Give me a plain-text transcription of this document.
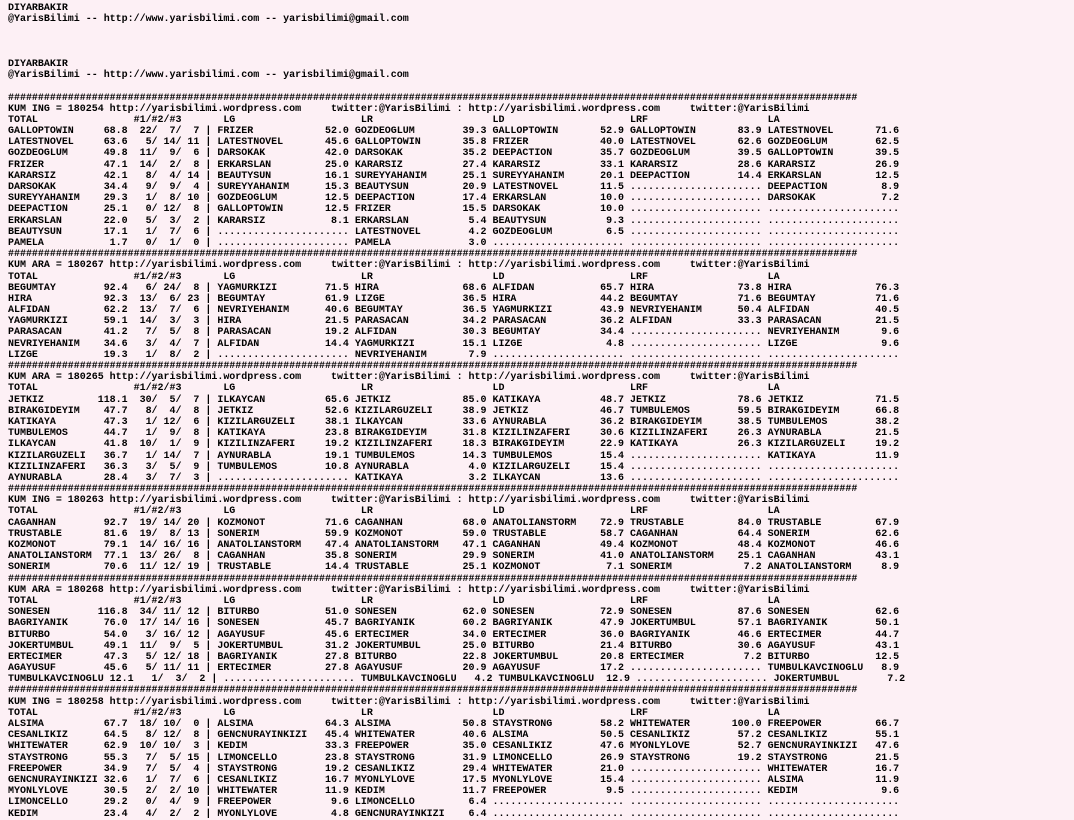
DIYARBAKIR
@YarisBilimi -- http://www.yarisbilimi.com -- yarisbilimi@gmail.com

DIYARBAKIR
@YarisBilimi -- http://www.yarisbilimi.com -- yarisbilimi@gmail.com

##############################################################################################################################################
KUM ING = 180254 http://yarisbilimi.wordpress.com     twitter:@YarisBilimi : http://yarisbilimi.wordpress.com     twitter:@YarisBilimi
TOTAL                #1/#2/#3       LG                     LR                    LD                     LRF                    LA
GALLOPTOWIN     68.8  22/  7/  7 | FRIZER            52.0 GOZDEOGLUM        39.3 GALLOPTOWIN       52.9 GALLOPTOWIN       83.9 LATESTNOVEL       71.6
LATESTNOVEL     63.6   5/ 14/ 11 | LATESTNOVEL       45.6 GALLOPTOWIN       35.8 FRIZER            40.0 LATESTNOVEL       62.6 GOZDEOGLUM        62.5
GOZDEOGLUM      49.8  11/  9/  6 | DARSOKAK          42.0 DARSOKAK          35.2 DEEPACTION        35.7 GOZDEOGLUM        39.5 GALLOPTOWIN       39.5
FRIZER          47.1  14/  2/  8 | ERKARSLAN         25.0 KARARSIZ          27.4 KARARSIZ          33.1 KARARSIZ          28.6 KARARSIZ          26.9
KARARSIZ        42.1   8/  4/ 14 | BEAUTYSUN         16.1 SUREYYAHANIM      25.1 SUREYYAHANIM      20.1 DEEPACTION        14.4 ERKARSLAN         12.5
DARSOKAK        34.4   9/  9/  4 | SUREYYAHANIM      15.3 BEAUTYSUN         20.9 LATESTNOVEL       11.5 ...................... DEEPACTION         8.9
SUREYYAHANIM    29.3   1/  8/ 10 | GOZDEOGLUM        12.5 DEEPACTION        17.4 ERKARSLAN         10.0 ...................... DARSOKAK           7.2
DEEPACTION      25.1   0/ 12/  8 | GALLOPTOWIN       12.5 FRIZER            15.5 DARSOKAK          10.0 ...................... ......................
ERKARSLAN       22.0   5/  3/  2 | KARARSIZ           8.1 ERKARSLAN          5.4 BEAUTYSUN          9.3 ...................... ......................
BEAUTYSUN       17.1   1/  7/  6 | ...................... LATESTNOVEL        4.2 GOZDEOGLUM         6.5 ...................... ......................
PAMELA           1.7   0/  1/  0 | ...................... PAMELA             3.0 ...................... ...................... ......................
##############################################################################################################################################
KUM ARA = 180267 http://yarisbilimi.wordpress.com     twitter:@YarisBilimi : http://yarisbilimi.wordpress.com     twitter:@YarisBilimi
TOTAL                #1/#2/#3       LG                     LR                    LD                     LRF                    LA
BEGUMTAY        92.4   6/ 24/  8 | YAGMURKIZI        71.5 HIRA              68.6 ALFIDAN           65.7 HIRA              73.8 HIRA              76.3
HIRA            92.3  13/  6/ 23 | BEGUMTAY          61.9 LIZGE             36.5 HIRA              44.2 BEGUMTAY          71.6 BEGUMTAY          71.6
ALFIDAN         62.2  13/  7/  6 | NEVRIYEHANIM      40.6 BEGUMTAY          36.5 YAGMURKIZI        43.9 NEVRIYEHANIM      50.4 ALFIDAN           40.5
YAGMURKIZI      59.1  14/  3/  3 | HIRA              21.5 PARASACAN         34.2 PARASACAN         36.2 ALFIDAN           33.3 PARASACAN         21.5
PARASACAN       41.2   7/  5/  8 | PARASACAN         19.2 ALFIDAN           30.3 BEGUMTAY          34.4 ...................... NEVRIYEHANIM       9.6
NEVRIYEHANIM    34.6   3/  4/  7 | ALFIDAN           14.4 YAGMURKIZI        15.1 LIZGE              4.8 ...................... LIZGE              9.6
LIZGE           19.3   1/  8/  2 | ...................... NEVRIYEHANIM       7.9 ...................... ...................... ......................
##############################################################################################################################################
KUM ARA = 180265 http://yarisbilimi.wordpress.com     twitter:@YarisBilimi : http://yarisbilimi.wordpress.com     twitter:@YarisBilimi
TOTAL                #1/#2/#3       LG                     LR                    LD                     LRF                    LA
JETKIZ         118.1  30/  5/  7 | ILKAYCAN          65.6 JETKIZ            85.0 KATIKAYA          48.7 JETKIZ            78.6 JETKIZ            71.5
BIRAKGIDEYIM    47.7   8/  4/  8 | JETKIZ            52.6 KIZILARGUZELI     38.9 JETKIZ            46.7 TUMBULEMOS        59.5 BIRAKGIDEYIM      66.8
KATIKAYA        47.3   1/ 12/  6 | KIZILARGUZELI     38.1 ILKAYCAN          33.6 AYNURABLA         36.2 BIRAKGIDEYIM      38.5 TUMBULEMOS        38.2
TUMBULEMOS      44.7   1/  9/  8 | KATIKAYA          23.8 BIRAKGIDEYIM      31.8 KIZILINZAFERI     30.6 KIZILINZAFERI     26.3 AYNURABLA         21.5
ILKAYCAN        41.8  10/  1/  9 | KIZILINZAFERI     19.2 KIZILINZAFERI     18.3 BIRAKGIDEYIM      22.9 KATIKAYA          26.3 KIZILARGUZELI     19.2
KIZILARGUZELI   36.7   1/ 14/  7 | AYNURABLA         19.1 TUMBULEMOS        14.3 TUMBULEMOS        15.4 ...................... KATIKAYA          11.9
KIZILINZAFERI   36.3   3/  5/  9 | TUMBULEMOS        10.8 AYNURABLA          4.0 KIZILARGUZELI     15.4 ...................... ......................
AYNURABLA       28.4   3/  7/  3 | ...................... KATIKAYA           3.2 ILKAYCAN          13.6 ...................... ......................
##############################################################################################################################################
KUM ING = 180263 http://yarisbilimi.wordpress.com     twitter:@YarisBilimi : http://yarisbilimi.wordpress.com     twitter:@YarisBilimi
TOTAL                #1/#2/#3       LG                     LR                    LD                     LRF                    LA
CAGANHAN        92.7  19/ 14/ 20 | KOZMONOT          71.6 CAGANHAN          68.0 ANATOLIANSTORM    72.9 TRUSTABLE         84.0 TRUSTABLE         67.9
TRUSTABLE       81.6  19/  8/ 13 | SONERIM           59.9 KOZMONOT          59.0 TRUSTABLE         58.7 CAGANHAN          64.4 SONERIM           62.6
KOZMONOT        79.1  14/ 16/ 16 | ANATOLIANSTORM    47.4 ANATOLIANSTORM    47.1 CAGANHAN          49.4 KOZMONOT          48.4 KOZMONOT          46.6
ANATOLIANSTORM  77.1  13/ 26/  8 | CAGANHAN          35.8 SONERIM           29.9 SONERIM           41.0 ANATOLIANSTORM    25.1 CAGANHAN          43.1
SONERIM         70.6  11/ 12/ 19 | TRUSTABLE         14.4 TRUSTABLE         25.1 KOZMONOT           7.1 SONERIM            7.2 ANATOLIANSTORM     8.9
##############################################################################################################################################
KUM ARA = 180268 http://yarisbilimi.wordpress.com     twitter:@YarisBilimi : http://yarisbilimi.wordpress.com     twitter:@YarisBilimi
TOTAL                #1/#2/#3       LG                     LR                    LD                     LRF                    LA
SONESEN        116.8  34/ 11/ 12 | BITURBO           51.0 SONESEN           62.0 SONESEN           72.9 SONESEN           87.6 SONESEN           62.6
BAGRIYANIK      76.0  17/ 14/ 16 | SONESEN           45.7 BAGRIYANIK        60.2 BAGRIYANIK        47.9 JOKERTUMBUL       57.1 BAGRIYANIK        50.1
BITURBO         54.0   3/ 16/ 12 | AGAYUSUF          45.6 ERTECIMER         34.0 ERTECIMER         36.0 BAGRIYANIK        46.6 ERTECIMER         44.7
JOKERTUMBUL     49.1  11/  9/  5 | JOKERTUMBUL       31.2 JOKERTUMBUL       25.0 BITURBO           21.4 BITURBO           30.6 AGAYUSUF          43.1
ERTECIMER       47.3   5/ 12/ 18 | BAGRIYANIK        27.8 BITURBO           22.8 JOKERTUMBUL       20.8 ERTECIMER          7.2 BITURBO           12.5
AGAYUSUF        45.6   5/ 11/ 11 | ERTECIMER         27.8 AGAYUSUF          20.9 AGAYUSUF          17.2 ...................... TUMBULKAVCINOGLU   8.9
TUMBULKAVCINOGLU 12.1   1/  3/  2 | ...................... TUMBULKAVCINOGLU   4.2 TUMBULKAVCINOGLU  12.9 ...................... JOKERTUMBUL        7.2
##############################################################################################################################################
KUM ING = 180258 http://yarisbilimi.wordpress.com     twitter:@YarisBilimi : http://yarisbilimi.wordpress.com     twitter:@YarisBilimi
TOTAL                #1/#2/#3       LG                     LR                    LD                     LRF                    LA
ALSIMA          67.7  18/ 10/  0 | ALSIMA            64.3 ALSIMA            50.8 STAYSTRONG        58.2 WHITEWATER       100.0 FREEPOWER         66.7
CESANLIKIZ      64.5   8/ 12/  8 | GENCNURAYINKIZI   45.4 WHITEWATER        40.6 ALSIMA            50.5 CESANLIKIZ        57.2 CESANLIKIZ        55.1
WHITEWATER      62.9  10/ 10/  3 | KEDIM             33.3 FREEPOWER         35.0 CESANLIKIZ        47.6 MYONLYLOVE        52.7 GENCNURAYINKIZI   47.6
STAYSTRONG      55.3   7/  5/ 15 | LIMONCELLO        23.8 STAYSTRONG        31.9 LIMONCELLO        26.9 STAYSTRONG        19.2 STAYSTRONG        21.5
FREEPOWER       34.9   7/  5/  4 | STAYSTRONG        19.2 CESANLIKIZ        29.4 WHITEWATER        21.0 ...................... WHITEWATER        16.7
GENCNURAYINKIZI 32.6   1/  7/  6 | CESANLIKIZ        16.7 MYONLYLOVE        17.5 MYONLYLOVE        15.4 ...................... ALSIMA            11.9
MYONLYLOVE      30.5   2/  2/ 10 | WHITEWATER        11.9 KEDIM             11.7 FREEPOWER          9.5 ...................... KEDIM              9.6
LIMONCELLO      29.2   0/  4/  9 | FREEPOWER          9.6 LIMONCELLO         6.4 ...................... ...................... ......................
KEDIM           23.4   4/  2/  2 | MYONLYLOVE         4.8 GENCNURAYINKIZI    6.4 ...................... ...................... ......................
